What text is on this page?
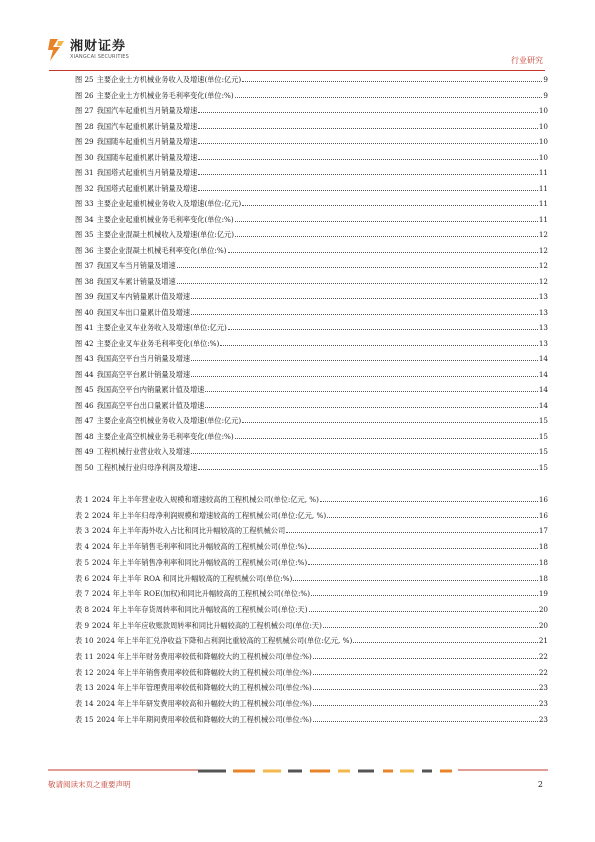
湘财证券
XIANGCAI SECURITIES	行业研究
图 25 主要企业土方机械业务收入及增速(单位:亿元)	9
图 26 主要企业土方机械业务毛利率变化(单位:%)	9
图 27 我国汽车起重机当月销量及增速	10
图 28 我国汽车起重机累计销量及增速	10
图 29 我国随车起重机当月销量及增速	10
图 30 我国随车起重机累计销量及增速	10
图 31 我国塔式起重机当月销量及增速	11
图 32 我国塔式起重机累计销量及增速	11
图 33 主要企业起重机械业务收入及增速(单位:亿元)	11
图 34 主要企业起重机械业务毛利率变化(单位:%)	11
图 35 主要企业混凝土机械收入及增速(单位:亿元)	12
图 36 主要企业混凝土机械毛利率变化(单位:%)	12
图 37 我国叉车当月销量及增速	12
图 38 我国叉车累计销量及增速	12
图 39 我国叉车内销量累计值及增速	13
图 40 我国叉车出口量累计值及增速	13
图 41 主要企业叉车业务收入及增速(单位:亿元)	13
图 42 主要企业叉车业务毛利率变化(单位:%)	13
图 43 我国高空平台当月销量及增速	14
图 44 我国高空平台累计销量及增速	14
图 45 我国高空平台内销量累计值及增速	14
图 46 我国高空平台出口量累计值及增速	14
图 47 主要企业高空机械业务收入及增速(单位:亿元)	15
图 48 主要企业高空机械业务毛利率变化(单位:%)	15
图 49 工程机械行业营业收入及增速	15
图 50 工程机械行业归母净利润及增速	15
表 1 2024 年上半年营业收入规模和增速较高的工程机械公司(单位:亿元, %)	16
表 2 2024 年上半年归母净利润规模和增速较高的工程机械公司(单位:亿元, %)	16
表 3 2024 年上半年海外收入占比和同比升幅较高的工程机械公司	17
表 4 2024 年上半年销售毛利率和同比升幅较高的工程机械公司(单位:%)	18
表 5 2024 年上半年销售净利率和同比升幅较高的工程机械公司(单位:%)	18
表 6 2024 年上半年 ROA 和同比升幅较高的工程机械公司(单位:%)	18
表 7 2024 年上半年 ROE(加权)和同比升幅较高的工程机械公司(单位:%)	19
表 8 2024 年上半年存货周转率和同比升幅较高的工程机械公司(单位:天)	20
表 9 2024 年上半年应收账款周转率和同比升幅较高的工程机械公司(单位:天)	20
表 10 2024 年上半年汇兑净收益下降和占利润比重较高的工程机械公司(单位:亿元, %)	21
表 11 2024 年上半年财务费用率较低和降幅较大的工程机械公司(单位:%)	22
表 12 2024 年上半年销售费用率较低和降幅较大的工程机械公司(单位:%)	22
表 13 2024 年上半年管理费用率较低和降幅较大的工程机械公司(单位:%)	23
表 14 2024 年上半年研发费用率较高和升幅较大的工程机械公司(单位:%)	23
表 15 2024 年上半年期间费用率较低和降幅较大的工程机械公司(单位:%)	23
敬请阅读末页之重要声明	2
